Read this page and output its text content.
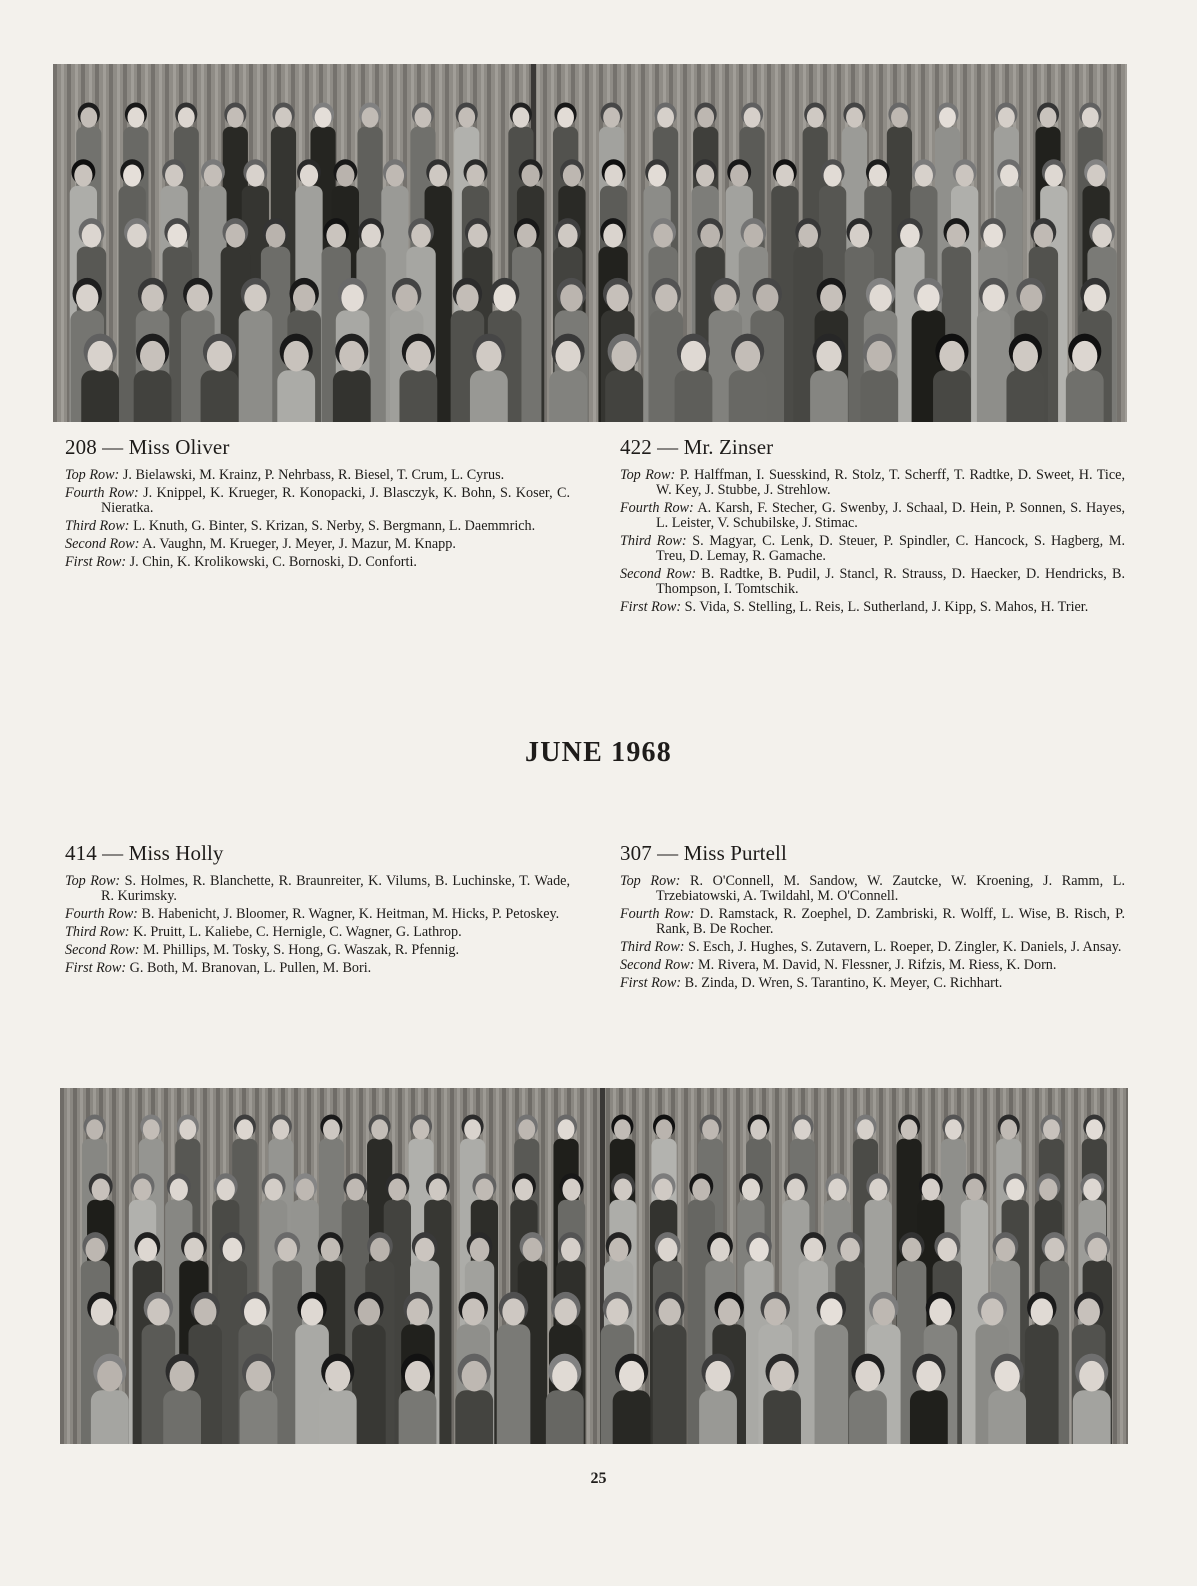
208 — Miss Oliver

Top Row: J. Bielawski, M. Krainz, P. Nehrbass, R. Biesel, T. Crum, L. Cyrus.

Fourth Row: J. Knippel, K. Krueger, R. Konopacki, J. Blasczyk, K. Bohn, S. Koser, C. Nieratka.

Third Row: L. Knuth, G. Binter, S. Krizan, S. Nerby, S. Bergmann, L. Daemmrich.

Second Row: A. Vaughn, M. Krueger, J. Meyer, J. Mazur, M. Knapp.

First Row: J. Chin, K. Krolikowski, C. Bornoski, D. Conforti.

422 — Mr. Zinser

Top Row: P. Halffman, I. Suesskind, R. Stolz, T. Scherff, T. Radtke, D. Sweet, H. Tice, W. Key, J. Stubbe, J. Strehlow.

Fourth Row: A. Karsh, F. Stecher, G. Swenby, J. Schaal, D. Hein, P. Sonnen, S. Hayes, L. Leister, V. Schubilske, J. Stimac.

Third Row: S. Magyar, C. Lenk, D. Steuer, P. Spindler, C. Hancock, S. Hagberg, M. Treu, D. Lemay, R. Gamache.

Second Row: B. Radtke, B. Pudil, J. Stancl, R. Strauss, D. Haecker, D. Hendricks, B. Thompson, I. Tomtschik.

First Row: S. Vida, S. Stelling, L. Reis, L. Sutherland, J. Kipp, S. Mahos, H. Trier.

JUNE 1968
414 — Miss Holly

Top Row: S. Holmes, R. Blanchette, R. Braunreiter, K. Vilums, B. Luchinske, T. Wade, R. Kurimsky.

Fourth Row: B. Habenicht, J. Bloomer, R. Wagner, K. Heitman, M. Hicks, P. Petoskey.

Third Row: K. Pruitt, L. Kaliebe, C. Hernigle, C. Wagner, G. Lathrop.

Second Row: M. Phillips, M. Tosky, S. Hong, G. Waszak, R. Pfennig.

First Row: G. Both, M. Branovan, L. Pullen, M. Bori.

307 — Miss Purtell

Top Row: R. O'Connell, M. Sandow, W. Zautcke, W. Kroening, J. Ramm, L. Trzebiatowski, A. Twildahl, M. O'Connell.

Fourth Row: D. Ramstack, R. Zoephel, D. Zambriski, R. Wolff, L. Wise, B. Risch, P. Rank, B. De Rocher.

Third Row: S. Esch, J. Hughes, S. Zutavern, L. Roeper, D. Zingler, K. Daniels, J. Ansay.

Second Row: M. Rivera, M. David, N. Flessner, J. Rifzis, M. Riess, K. Dorn.

First Row: B. Zinda, D. Wren, S. Tarantino, K. Meyer, C. Richhart.

25
